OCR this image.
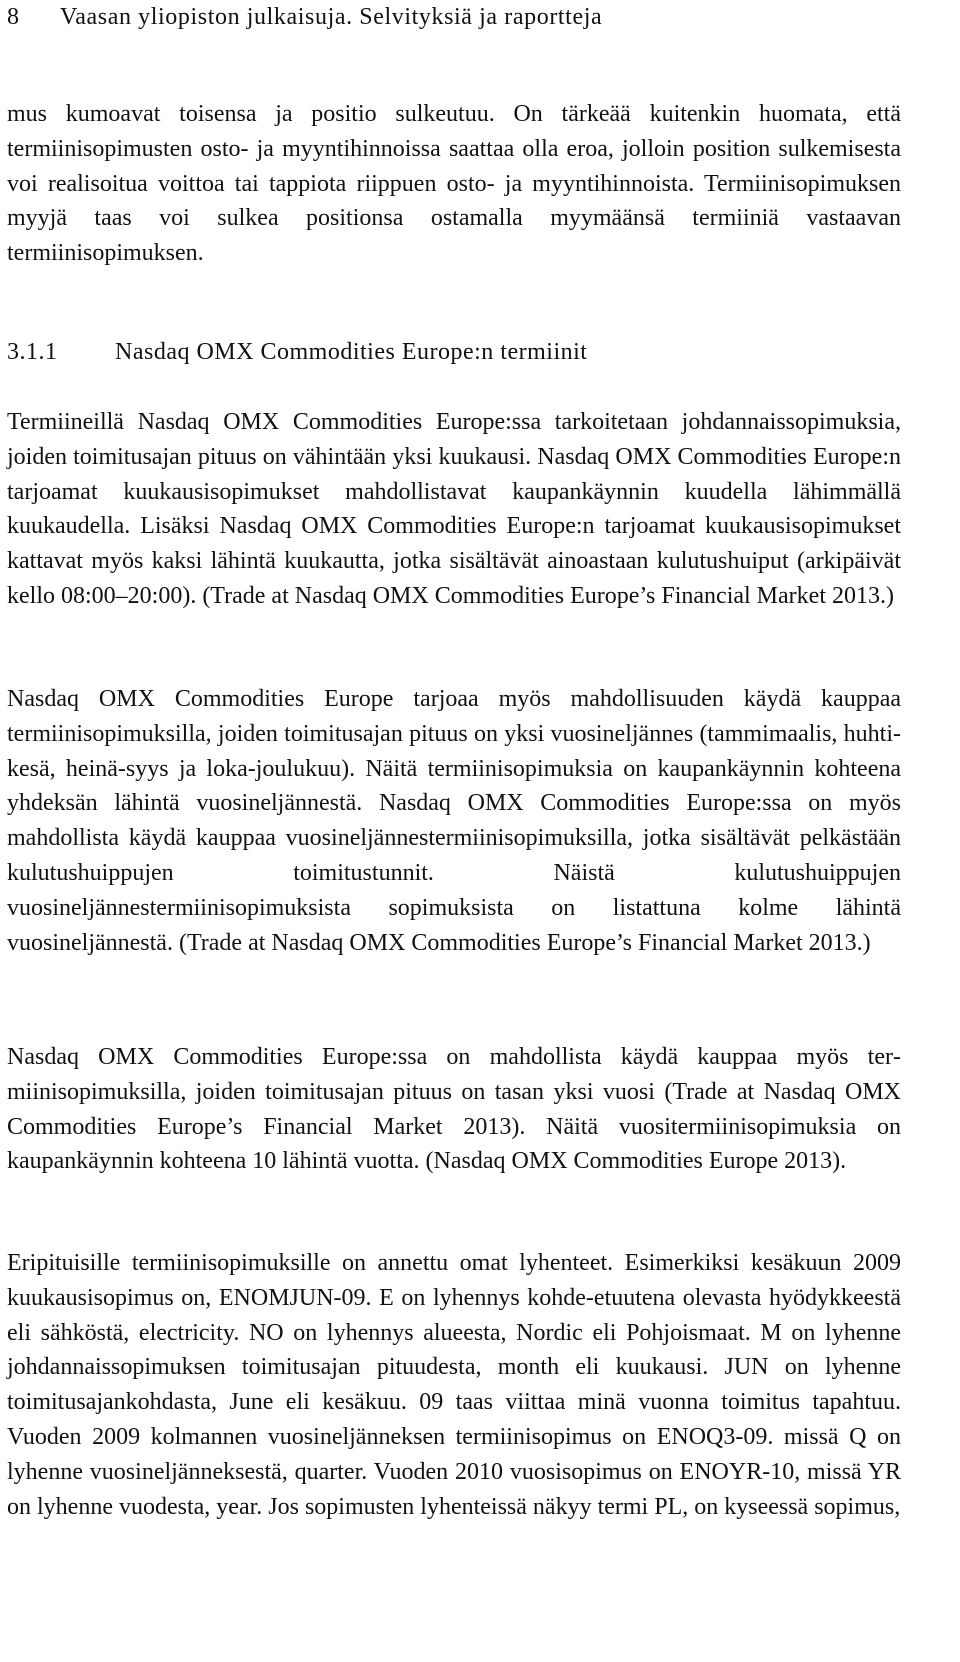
8 Vaasan yliopiston julkaisuja. Selvityksiä ja raportteja

mus kumoavat toisensa ja positio sulkeutuu. On tärkeää kuitenkin huomata, että termiinisopimusten osto- ja myyntihinnoissa saattaa olla eroa, jolloin position sulkemisesta voi realisoitua voittoa tai tappiota riippuen osto- ja myyntihinnoista. Termiinisopimuksen myyjä taas voi sulkea positionsa ostamalla myymäänsä termiiniä vastaavan termiinisopimuksen.

3.1.1 Nasdaq OMX Commodities Europe:n termiinit

Termiineillä Nasdaq OMX Commodities Europe:ssa tarkoitetaan johdannaissopimuksia, joiden toimitusajan pituus on vähintään yksi kuukausi. Nasdaq OMX Commodities Europe:n tarjoamat kuukausisopimukset mahdollistavat kaupankäynnin kuudella lähimmällä kuukaudella. Lisäksi Nasdaq OMX Commodities Europe:n tarjoamat kuukausisopimukset kattavat myös kaksi lähintä kuukautta, jotka sisältävät ainoastaan kulutushuiput (arkipäivät kello 08:00–20:00). (Trade at Nasdaq OMX Commodities Europe’s Financial Market 2013.)

Nasdaq OMX Commodities Europe tarjoaa myös mahdollisuuden käydä kauppaa termiinisopimuksilla, joiden toimitusajan pituus on yksi vuosineljännes (tammimaalis, huhti-kesä, heinä-syys ja loka-joulukuu). Näitä termiinisopimuksia on kaupankäynnin kohteena yhdeksän lähintä vuosineljännestä. Nasdaq OMX Commodities Europe:ssa on myös mahdollista käydä kauppaa vuosineljännestermiinisopimuksilla, jotka sisältävät pelkästään kulutushuippujen toimitustunnit. Näistä kulutushuippujen vuosineljännestermiinisopimuksista sopimuksista on listattuna kolme lähintä vuosineljännestä. (Trade at Nasdaq OMX Commodities Europe’s Financial Market 2013.)

Nasdaq OMX Commodities Europe:ssa on mahdollista käydä kauppaa myös termiinisopimuksilla, joiden toimitusajan pituus on tasan yksi vuosi (Trade at Nasdaq OMX Commodities Europe’s Financial Market 2013). Näitä vuositermiinisopimuksia on kaupankäynnin kohteena 10 lähintä vuotta. (Nasdaq OMX Commodities Europe 2013).

Eripituisille termiinisopimuksille on annettu omat lyhenteet. Esimerkiksi kesäkuun 2009 kuukausisopimus on, ENOMJUN-09. E on lyhennys kohde-etuutena olevasta hyödykkeestä eli sähköstä, electricity. NO on lyhennys alueesta, Nordic eli Pohjoismaat. M on lyhenne johdannaissopimuksen toimitusajan pituudesta, month eli kuukausi. JUN on lyhenne toimitusajankohdasta, June eli kesäkuu. 09 taas viittaa minä vuonna toimitus tapahtuu. Vuoden 2009 kolmannen vuosineljänneksen termiinisopimus on ENOQ3-09. missä Q on lyhenne vuosineljänneksestä, quarter. Vuoden 2010 vuosisopimus on ENOYR-10, missä YR on lyhenne vuodesta, year. Jos sopimusten lyhenteissä näkyy termi PL, on kyseessä sopimus,
